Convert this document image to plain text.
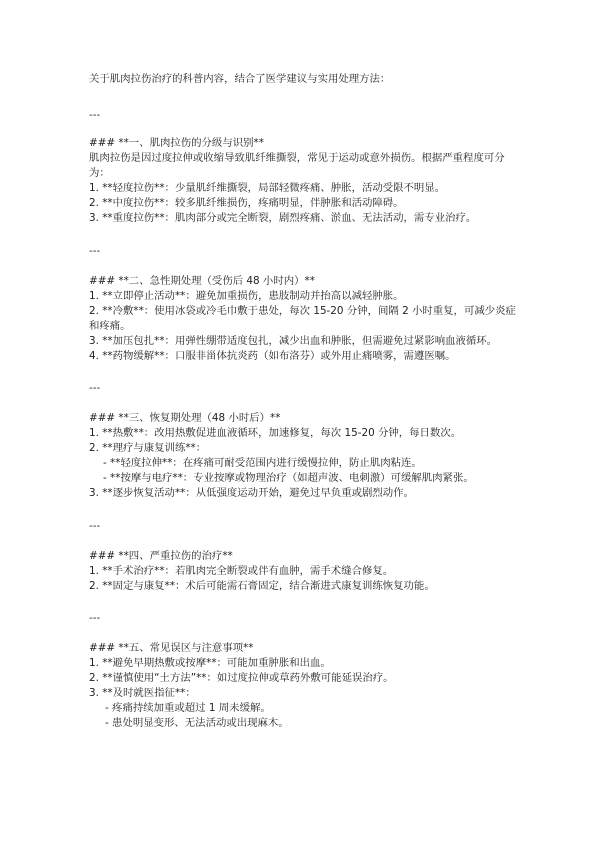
关于肌肉拉伤治疗的科普内容，结合了医学建议与实用处理方法：
---
### **一、肌肉拉伤的分级与识别**
肌肉拉伤是因过度拉伸或收缩导致肌纤维撕裂，常见于运动或意外损伤。根据严重程度可分
为：
1. **轻度拉伤**：少量肌纤维撕裂，局部轻微疼痛、肿胀，活动受限不明显。
2. **中度拉伤**：较多肌纤维损伤，疼痛明显，伴肿胀和活动障碍。
3. **重度拉伤**：肌肉部分或完全断裂，剧烈疼痛、淤血、无法活动，需专业治疗。
---
### **二、急性期处理（受伤后 48 小时内）**
1. **立即停止活动**：避免加重损伤，患肢制动并抬高以减轻肿胀。
2. **冷敷**：使用冰袋或冷毛巾敷于患处，每次 15-20 分钟，间隔 2 小时重复，可减少炎症
和疼痛。
3. **加压包扎**：用弹性绷带适度包扎，减少出血和肿胀，但需避免过紧影响血液循环。
4. **药物缓解**：口服非甾体抗炎药（如布洛芬）或外用止痛喷雾，需遵医嘱。
---
### **三、恢复期处理（48 小时后）**
1. **热敷**：改用热敷促进血液循环，加速修复，每次 15-20 分钟，每日数次。
2. **理疗与康复训练**：
- **轻度拉伸**：在疼痛可耐受范围内进行缓慢拉伸，防止肌肉粘连。
- **按摩与电疗**：专业按摩或物理治疗（如超声波、电刺激）可缓解肌肉紧张。
3. **逐步恢复活动**：从低强度运动开始，避免过早负重或剧烈动作。
---
### **四、严重拉伤的治疗**
1. **手术治疗**：若肌肉完全断裂或伴有血肿，需手术缝合修复。
2. **固定与康复**：术后可能需石膏固定，结合渐进式康复训练恢复功能。
---
### **五、常见误区与注意事项**
1. **避免早期热敷或按摩**：可能加重肿胀和出血。
2. **谨慎使用“土方法”**：如过度拉伸或草药外敷可能延误治疗。
3. **及时就医指征**：
- 疼痛持续加重或超过 1 周未缓解。
- 患处明显变形、无法活动或出现麻木。
